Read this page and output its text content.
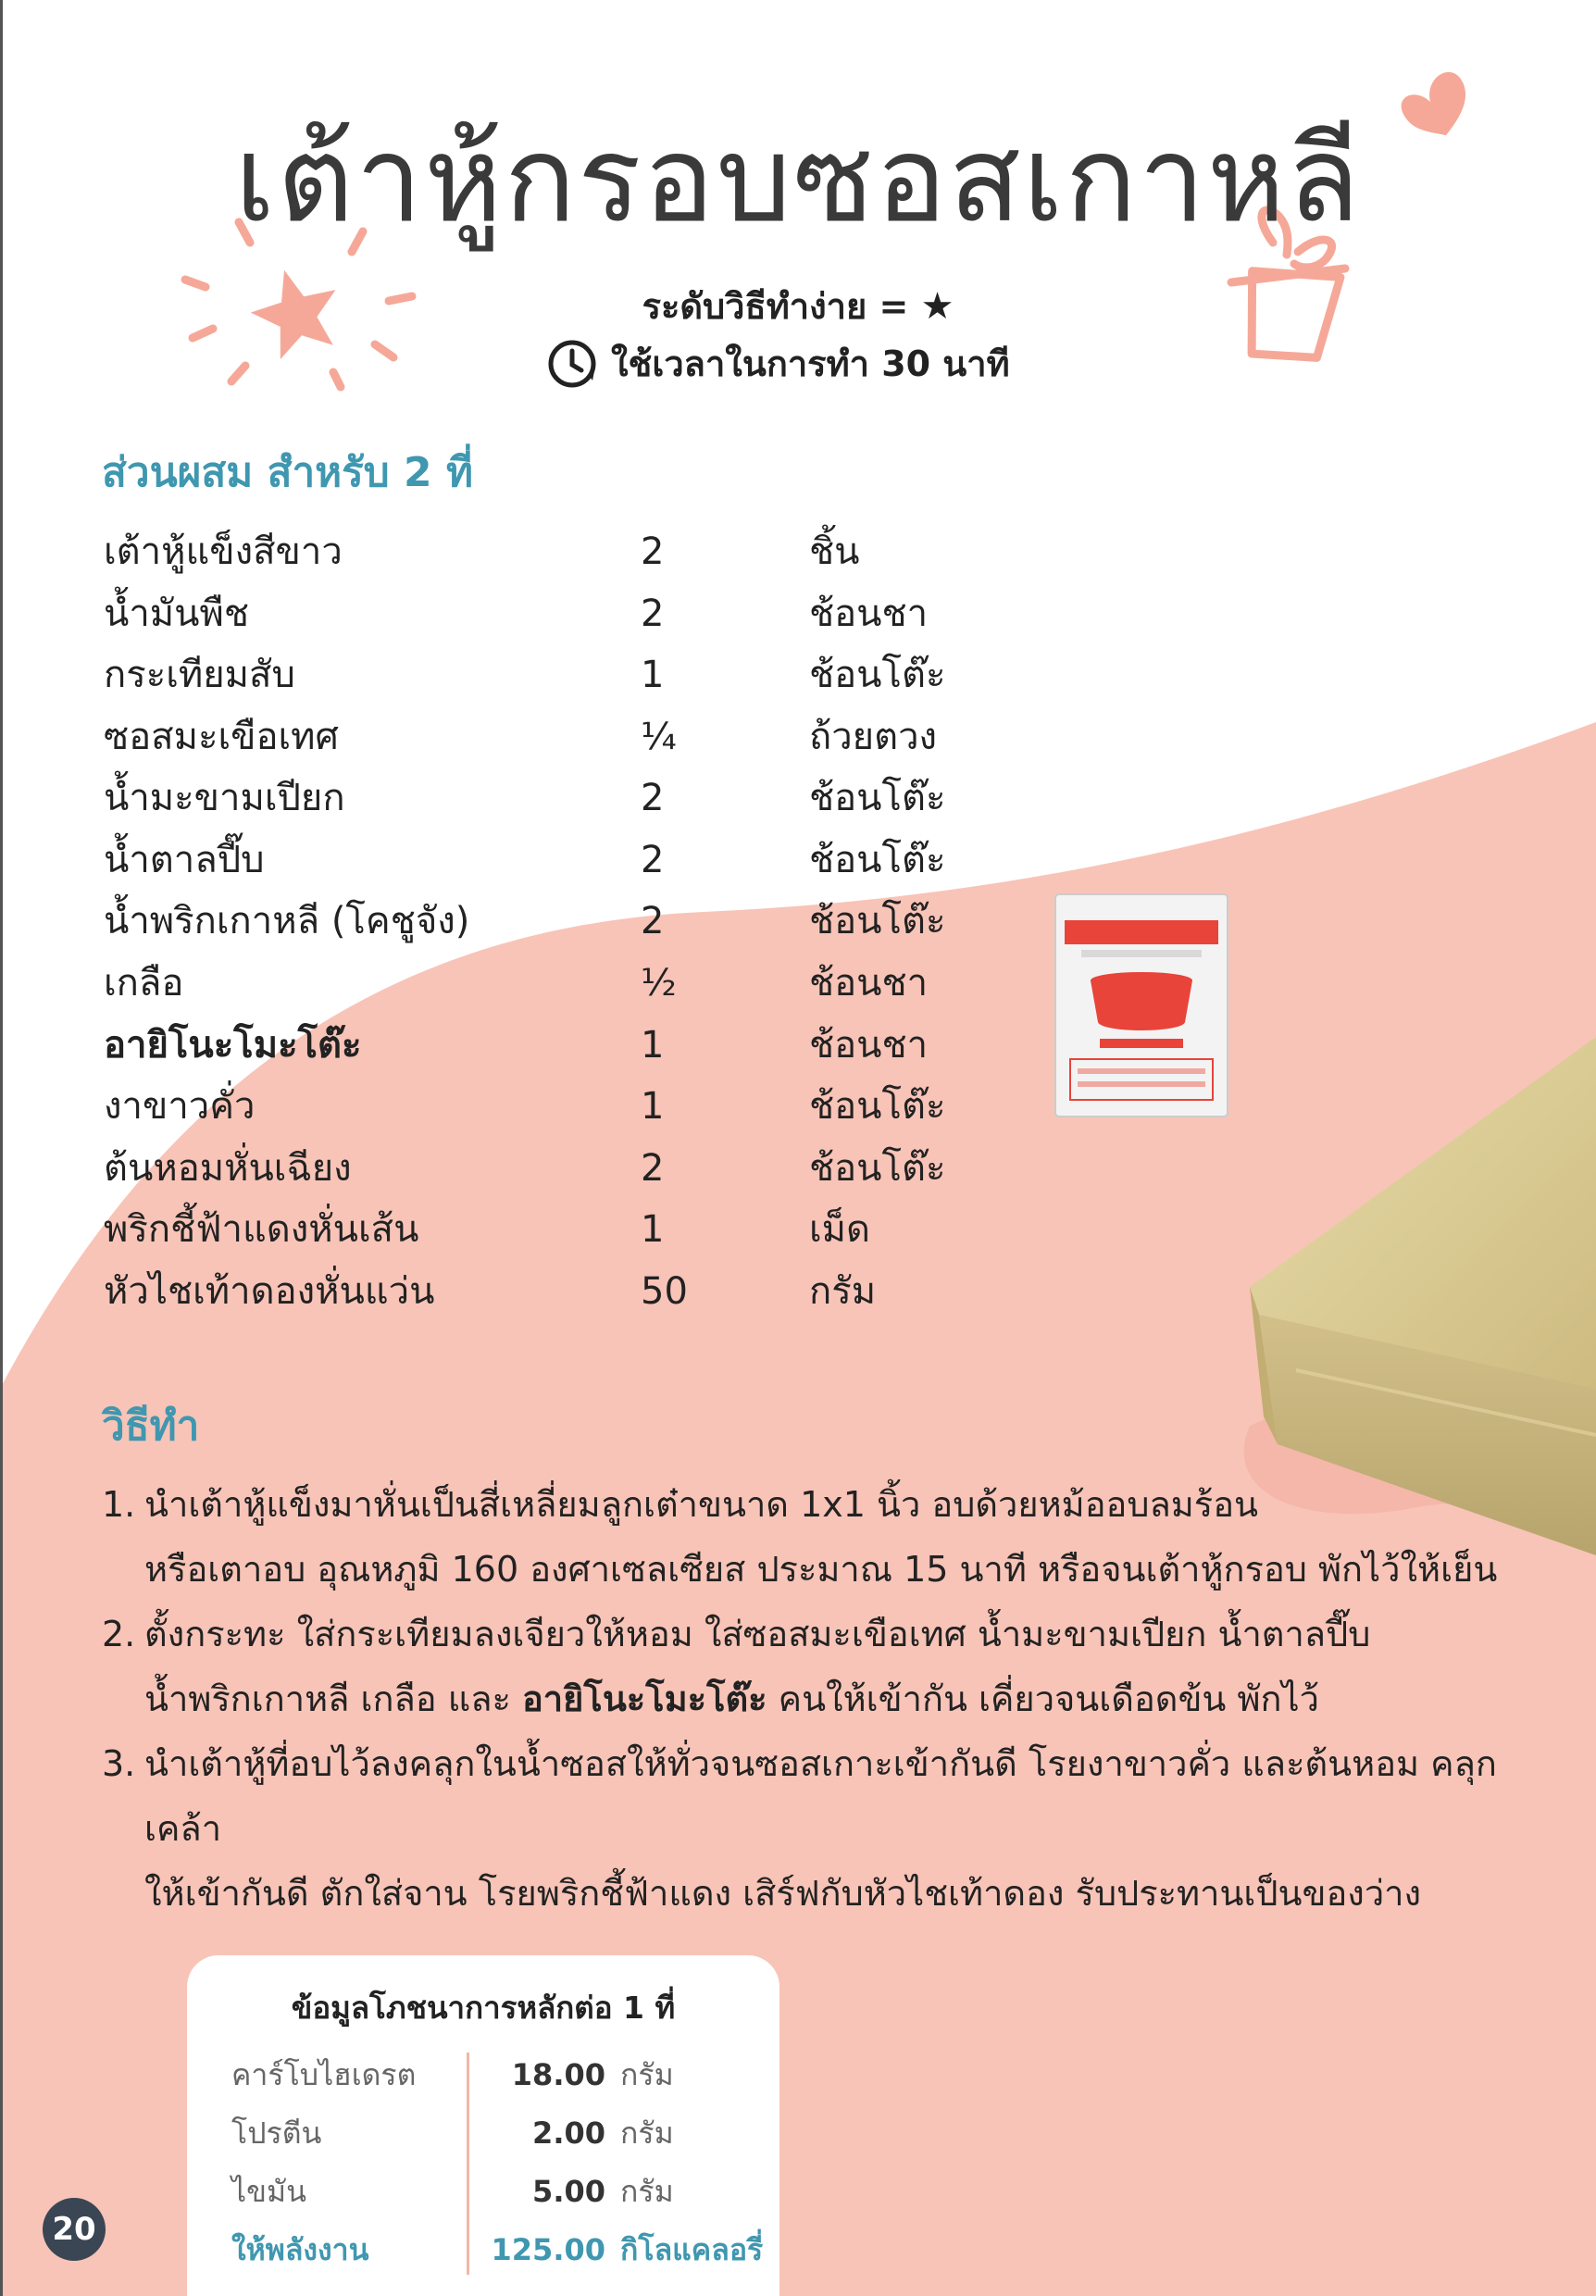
เต้าหู้กรอบซอสเกาหลี
ระดับวิธีทำง่าย = ★
ใช้เวลาในการทำ 30 นาที
ส่วนผสม สำหรับ 2 ที่
เต้าหู้แข็งสีขาว	2	ชิ้น
น้ำมันพืช	2	ช้อนชา
กระเทียมสับ	1	ช้อนโต๊ะ
ซอสมะเขือเทศ	¼	ถ้วยตวง
น้ำมะขามเปียก	2	ช้อนโต๊ะ
น้ำตาลปี๊บ	2	ช้อนโต๊ะ
น้ำพริกเกาหลี (โคชูจัง)	2	ช้อนโต๊ะ
เกลือ	½	ช้อนชา
อายิโนะโมะโต๊ะ	1	ช้อนชา
งาขาวคั่ว	1	ช้อนโต๊ะ
ต้นหอมหั่นเฉียง	2	ช้อนโต๊ะ
พริกชี้ฟ้าแดงหั่นเส้น	1	เม็ด
หัวไชเท้าดองหั่นแว่น	50	กรัม
วิธีทำ
1. นำเต้าหู้แข็งมาหั่นเป็นสี่เหลี่ยมลูกเต๋าขนาด 1x1 นิ้ว อบด้วยหม้ออบลมร้อน
หรือเตาอบ อุณหภูมิ 160 องศาเซลเซียส ประมาณ 15 นาที หรือจนเต้าหู้กรอบ พักไว้ให้เย็น
2. ตั้งกระทะ ใส่กระเทียมลงเจียวให้หอม ใส่ซอสมะเขือเทศ น้ำมะขามเปียก น้ำตาลปี๊บ
น้ำพริกเกาหลี เกลือ และ อายิโนะโมะโต๊ะ คนให้เข้ากัน เคี่ยวจนเดือดข้น พักไว้
3. นำเต้าหู้ที่อบไว้ลงคลุกในน้ำซอสให้ทั่วจนซอสเกาะเข้ากันดี โรยงาขาวคั่ว และต้นหอม คลุกเคล้า
ให้เข้ากันดี ตักใส่จาน โรยพริกชี้ฟ้าแดง เสิร์ฟกับหัวไชเท้าดอง รับประทานเป็นของว่าง
ข้อมูลโภชนาการหลักต่อ 1 ที่
คาร์โบไฮเดรต	18.00 กรัม
โปรตีน	2.00 กรัม
ไขมัน	5.00 กรัม
ให้พลังงาน	125.00 กิโลแคลอรี่
20
